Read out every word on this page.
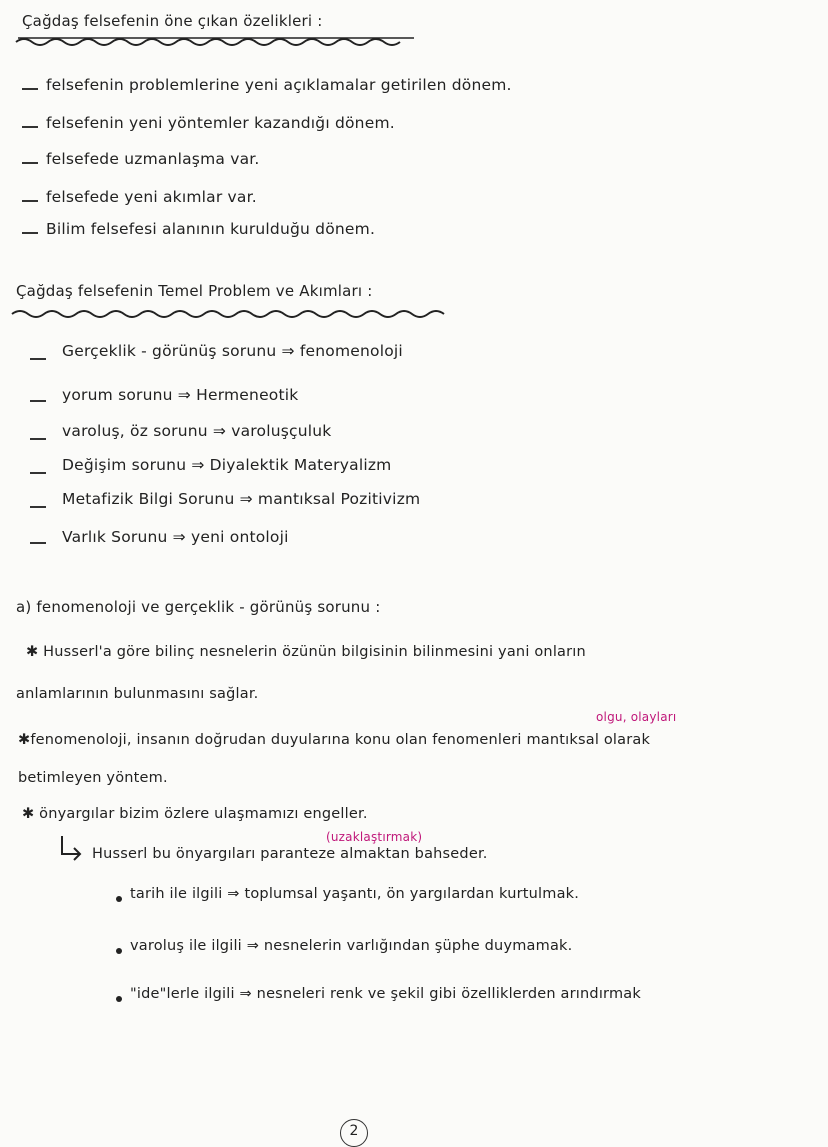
Çağdaş felsefenin öne çıkan özelikleri :
felsefenin problemlerine yeni açıklamalar getirilen dönem.
felsefenin yeni yöntemler kazandığı dönem.
felsefede uzmanlaşma var.
felsefede yeni akımlar var.
Bilim felsefesi alanının kurulduğu dönem.
Çağdaş felsefenin Temel Problem ve Akımları :
Gerçeklik - görünüş sorunu ⇒ fenomenoloji
yorum sorunu ⇒ Hermeneotik
varoluş, öz sorunu ⇒ varoluşçuluk
Değişim sorunu ⇒ Diyalektik Materyalizm
Metafizik Bilgi Sorunu ⇒ mantıksal Pozitivizm
Varlık Sorunu ⇒ yeni ontoloji
a) fenomenoloji ve gerçeklik - görünüş sorunu :
✱ Husserl'a göre bilinç nesnelerin özünün bilgisinin bilinmesini yani onların
anlamlarının bulunmasını sağlar.
olgu, olayları
✱fenomenoloji, insanın doğrudan duyularına konu olan fenomenleri mantıksal olarak
betimleyen yöntem.
✱ önyargılar bizim özlere ulaşmamızı engeller.
(uzaklaştırmak)
Husserl bu önyargıları parantezе almaktan bahseder.
tarih ile ilgili ⇒ toplumsal yaşantı, ön yargılardan kurtulmak.
varoluş ile ilgili ⇒ nesnelerin varlığından şüphe duymamak.
"ide"lerle ilgili ⇒ nesneleri renk ve şekil gibi özelliklerden arındırmak
2
